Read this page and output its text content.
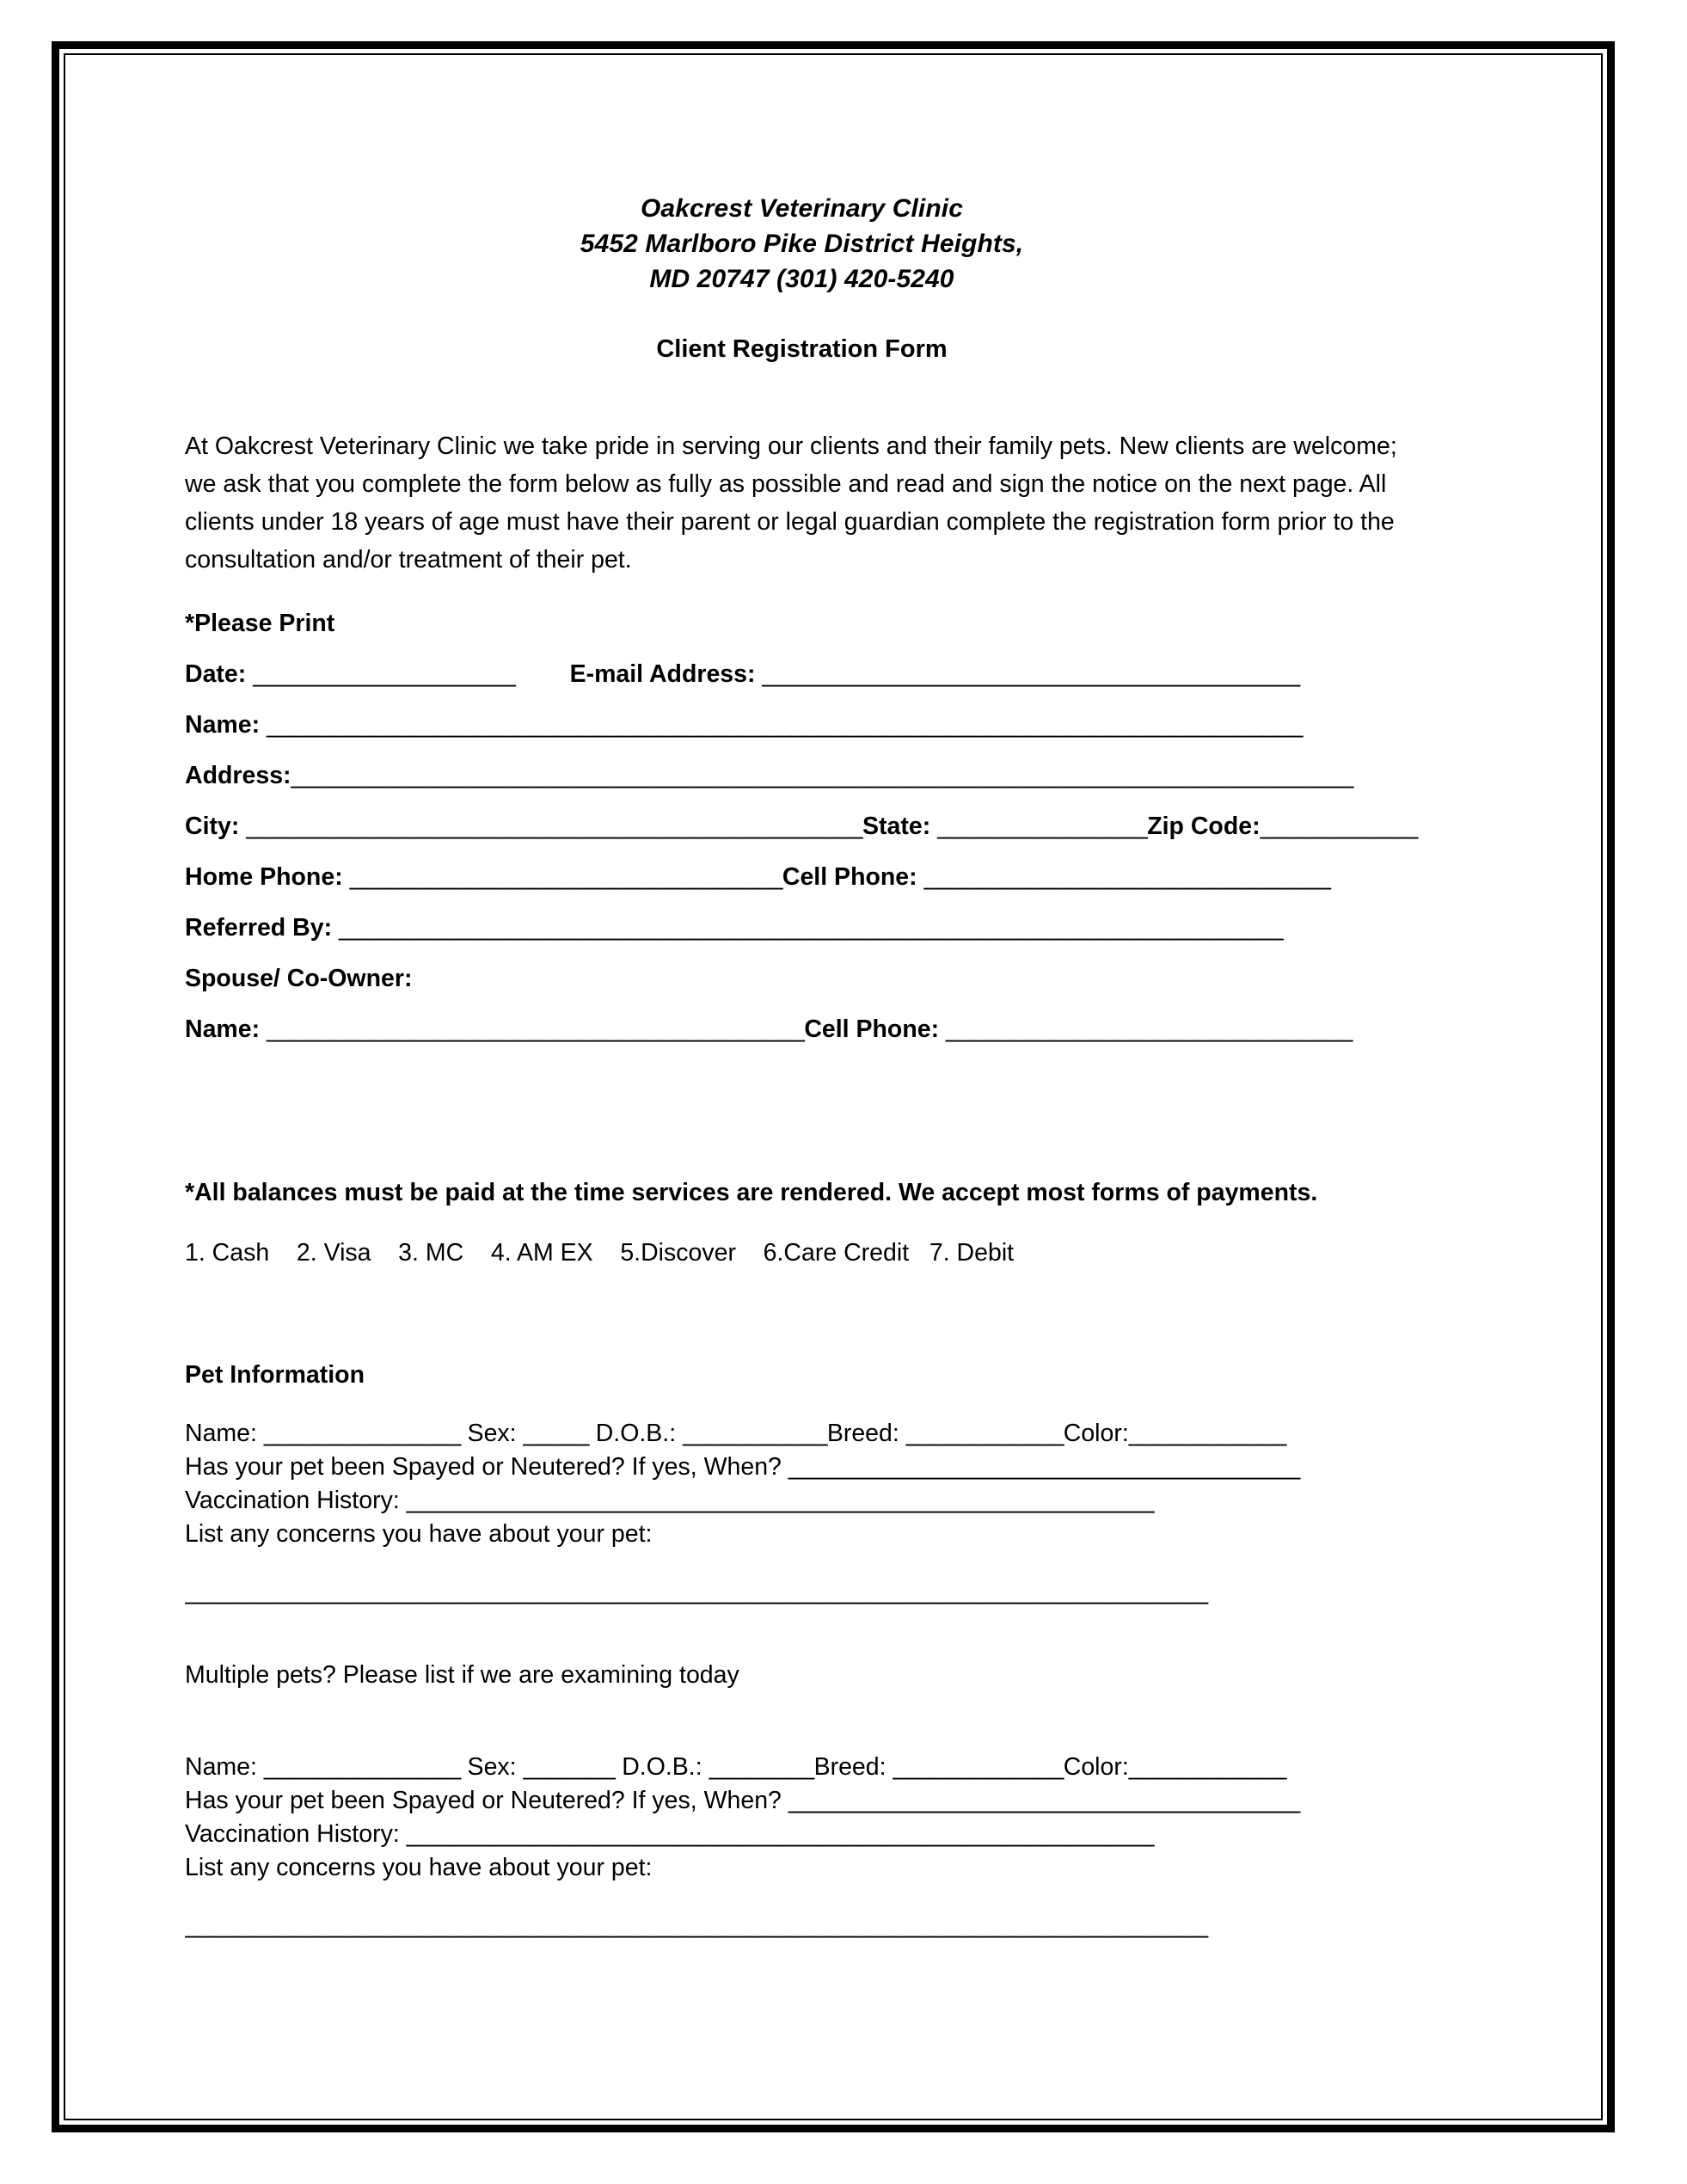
Oakcrest Veterinary Clinic
5452 Marlboro Pike District Heights,
MD 20747 (301) 420-5240
Client Registration Form

At Oakcrest Veterinary Clinic we take pride in serving our clients and their family pets. New clients are welcome; we ask that you complete the form below as fully as possible and read and sign the notice on the next page. All clients under 18 years of age must have their parent or legal guardian complete the registration form prior to the consultation and/or treatment of their pet.

*Please Print
Date: ____________________ E-mail Address: _________________________________________
Name: _______________________________________________________________________________
Address:_________________________________________________________________________________
City: _______________________________________________State: ________________Zip Code:____________
Home Phone: _________________________________Cell Phone: _______________________________
Referred By: ________________________________________________________________________
Spouse/ Co-Owner:
Name: _________________________________________Cell Phone: _______________________________
*All balances must be paid at the time services are rendered. We accept most forms of payments.
1. Cash    2. Visa    3. MC    4. AM EX    5.Discover    6.Care Credit   7. Debit
Pet Information
Name: _______________ Sex: _____ D.O.B.: ___________Breed: ____________Color:____________
Has your pet been Spayed or Neutered? If yes, When? _______________________________________
Vaccination History: _________________________________________________________
List any concerns you have about your pet:
______________________________________________________________________________
Multiple pets? Please list if we are examining today
Name: _______________ Sex: _______ D.O.B.: ________Breed: _____________Color:____________
Has your pet been Spayed or Neutered? If yes, When? _______________________________________
Vaccination History: _________________________________________________________
List any concerns you have about your pet:
______________________________________________________________________________
